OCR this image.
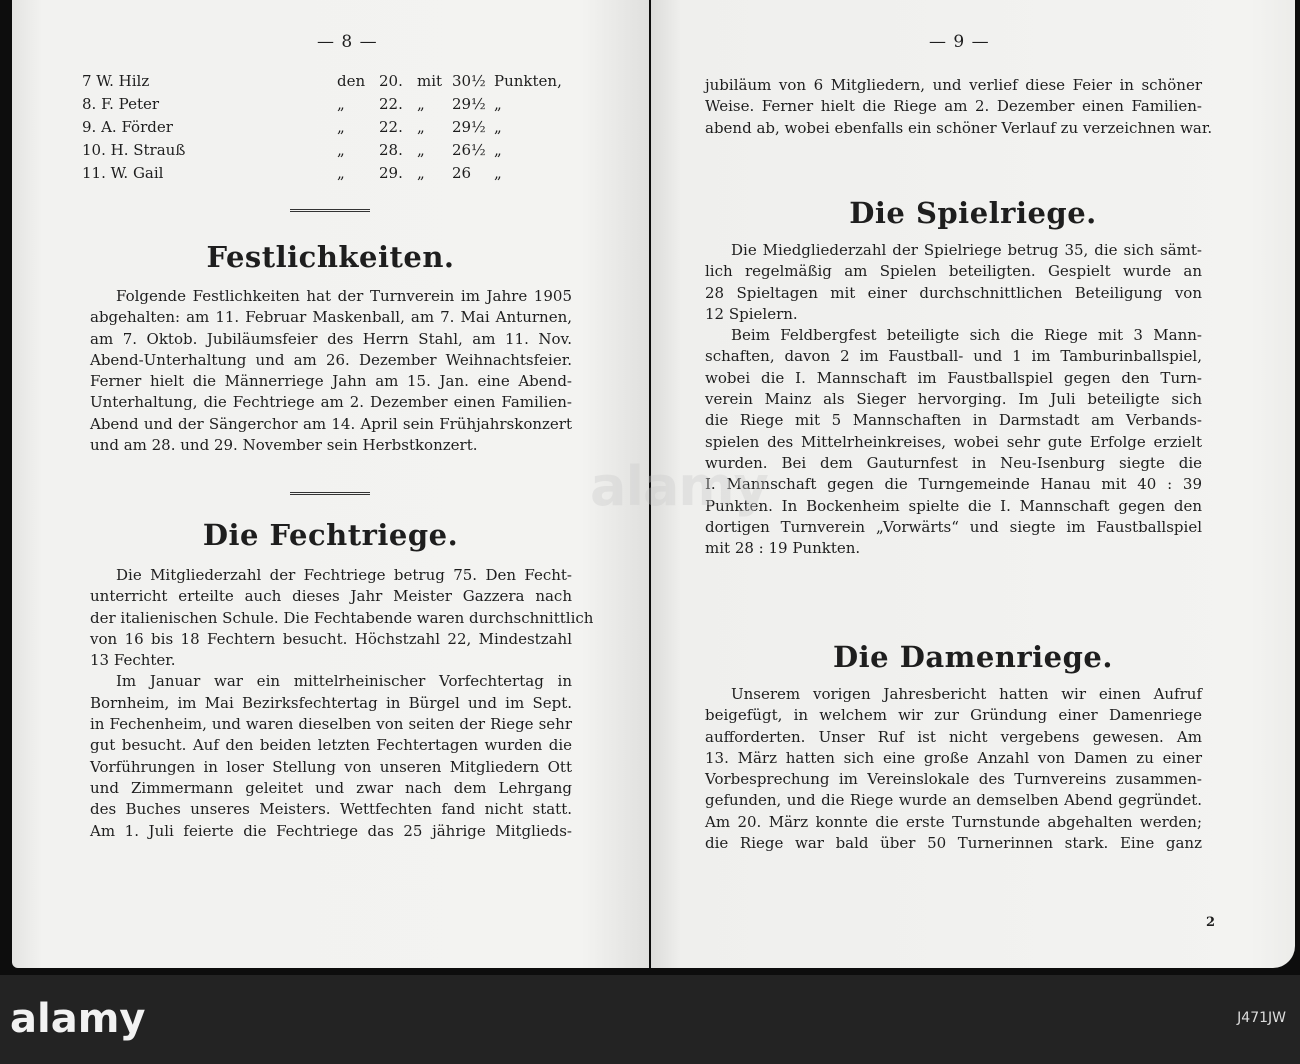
— 8 —
7 W. Hilz	den 20. mit 30½ Punkten,
8. F. Peter	„ 22. „ 29½ „
9. A. Förder	„ 22. „ 29½ „
10. H. Strauß	„ 28. „ 26½ „
11. W. Gail	„ 29. „ 26 „
Festlichkeiten.
Folgende Festlichkeiten hat der Turnverein im Jahre 1905
abgehalten: am 11. Februar Maskenball, am 7. Mai Anturnen,
am 7. Oktob. Jubiläumsfeier des Herrn Stahl, am 11. Nov.
Abend-Unterhaltung und am 26. Dezember Weihnachtsfeier.
Ferner hielt die Männerriege Jahn am 15. Jan. eine Abend-
Unterhaltung, die Fechtriege am 2. Dezember einen Familien-
Abend und der Sängerchor am 14. April sein Frühjahrskonzert
und am 28. und 29. November sein Herbstkonzert.
Die Fechtriege.
Die Mitgliederzahl der Fechtriege betrug 75. Den Fecht-
unterricht erteilte auch dieses Jahr Meister Gazzera nach
der italienischen Schule. Die Fechtabende waren durchschnittlich
von 16 bis 18 Fechtern besucht. Höchstzahl 22, Mindestzahl
13 Fechter.
Im Januar war ein mittelrheinischer Vorfechtertag in
Bornheim, im Mai Bezirksfechtertag in Bürgel und im Sept.
in Fechenheim, und waren dieselben von seiten der Riege sehr
gut besucht. Auf den beiden letzten Fechtertagen wurden die
Vorführungen in loser Stellung von unseren Mitgliedern Ott
und Zimmermann geleitet und zwar nach dem Lehrgang
des Buches unseres Meisters. Wettfechten fand nicht statt.
Am 1. Juli feierte die Fechtriege das 25 jährige Mitglieds-
— 9 —
jubiläum von 6 Mitgliedern, und verlief diese Feier in schöner
Weise. Ferner hielt die Riege am 2. Dezember einen Familien-
abend ab, wobei ebenfalls ein schöner Verlauf zu verzeichnen war.
Die Spielriege.
Die Miedgliederzahl der Spielriege betrug 35, die sich sämt-
lich regelmäßig am Spielen beteiligten. Gespielt wurde an
28 Spieltagen mit einer durchschnittlichen Beteiligung von
12 Spielern.
Beim Feldbergfest beteiligte sich die Riege mit 3 Mann-
schaften, davon 2 im Faustball- und 1 im Tamburinballspiel,
wobei die I. Mannschaft im Faustballspiel gegen den Turn-
verein Mainz als Sieger hervorging. Im Juli beteiligte sich
die Riege mit 5 Mannschaften in Darmstadt am Verbands-
spielen des Mittelrheinkreises, wobei sehr gute Erfolge erzielt
wurden. Bei dem Gauturnfest in Neu-Isenburg siegte die
I. Mannschaft gegen die Turngemeinde Hanau mit 40 : 39
Punkten. In Bockenheim spielte die I. Mannschaft gegen den
dortigen Turnverein „Vorwärts“ und siegte im Faustballspiel
mit 28 : 19 Punkten.
Die Damenriege.
Unserem vorigen Jahresbericht hatten wir einen Aufruf
beigefügt, in welchem wir zur Gründung einer Damenriege
aufforderten. Unser Ruf ist nicht vergebens gewesen. Am
13. März hatten sich eine große Anzahl von Damen zu einer
Vorbesprechung im Vereinslokale des Turnvereins zusammen-
gefunden, und die Riege wurde an demselben Abend gegründet.
Am 20. März konnte die erste Turnstunde abgehalten werden;
die Riege war bald über 50 Turnerinnen stark. Eine ganz
2
alamy
alamy	J471JW
